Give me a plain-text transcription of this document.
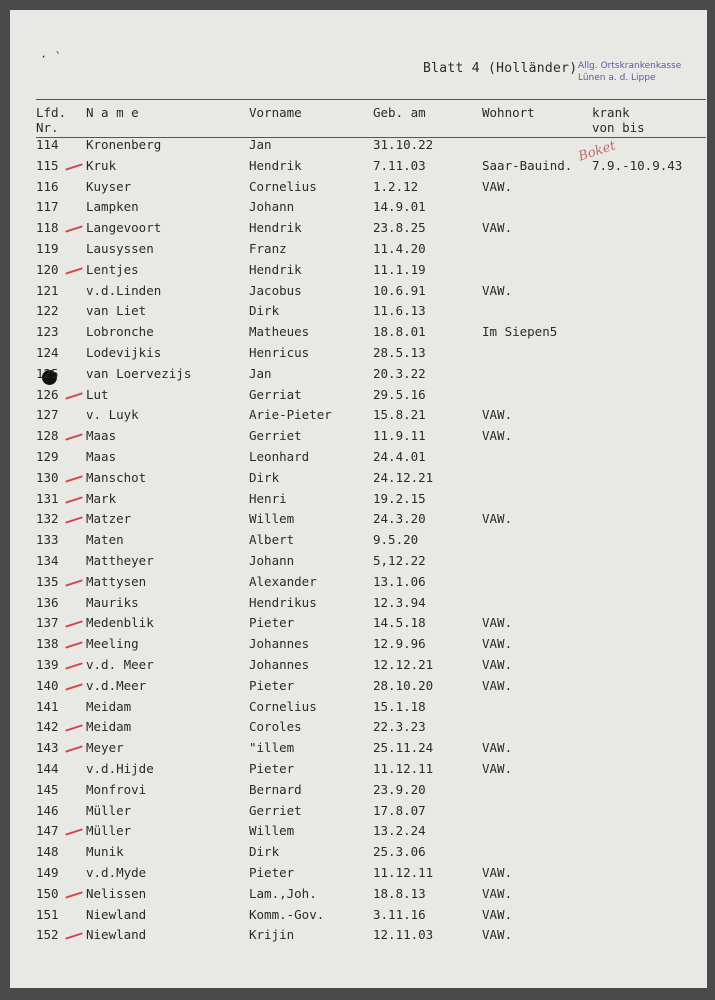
· `
Blatt 4 (Holländer) Allg. Ortskrankenkasse
Lünen a. d. Lippe
Lfd.
Nr.
N a m e	Vorname	Geb. am	Wohnort	krank
von bis
Boket
114 Kronenberg	Jan	31.10.22
115 Kruk	Hendrik	7.11.03	Saar-Bauind. 7.9.-10.9.43
116 Kuyser	Cornelius	1.2.12	VAW.
117 Lampken	Johann	14.9.01
118 Langevoort	Hendrik	23.8.25	VAW.
119 Lausyssen	Franz	11.4.20
120 Lentjes	Hendrik	11.1.19
121 v.d.Linden	Jacobus	10.6.91	VAW.
122 van Liet	Dirk	11.6.13
123 Lobronche	Matheues	18.8.01	Im Siepen5
124 Lodevijkis	Henricus	28.5.13
125 van Loervezijs	Jan	20.3.22
126 Lut	Gerriat	29.5.16
127 v. Luyk	Arie-Pieter	15.8.21	VAW.
128 Maas	Gerriet	11.9.11	VAW.
129 Maas	Leonhard	24.4.01
130 Manschot	Dirk	24.12.21
131 Mark	Henri	19.2.15
132 Matzer	Willem	24.3.20	VAW.
133 Maten	Albert	9.5.20
134 Mattheyer	Johann	5,12.22
135 Mattysen	Alexander	13.1.06
136 Mauriks	Hendrikus	12.3.94
137 Medenblik	Pieter	14.5.18	VAW.
138 Meeling	Johannes	12.9.96	VAW.
139 v.d. Meer	Johannes	12.12.21	VAW.
140 v.d.Meer	Pieter	28.10.20	VAW.
141 Meidam	Cornelius	15.1.18
142 Meidam	Coroles	22.3.23
143 Meyer	"illem	25.11.24	VAW.
144 v.d.Hijde	Pieter	11.12.11	VAW.
145 Monfrovi	Bernard	23.9.20
146 Müller	Gerriet	17.8.07
147 Müller	Willem	13.2.24
148 Munik	Dirk	25.3.06
149 v.d.Myde	Pieter	11.12.11	VAW.
150 Nelissen	Lam.,Joh.	18.8.13	VAW.
151 Niewland	Komm.-Gov.	3.11.16	VAW.
152 Niewland	Krijin	12.11.03	VAW.
